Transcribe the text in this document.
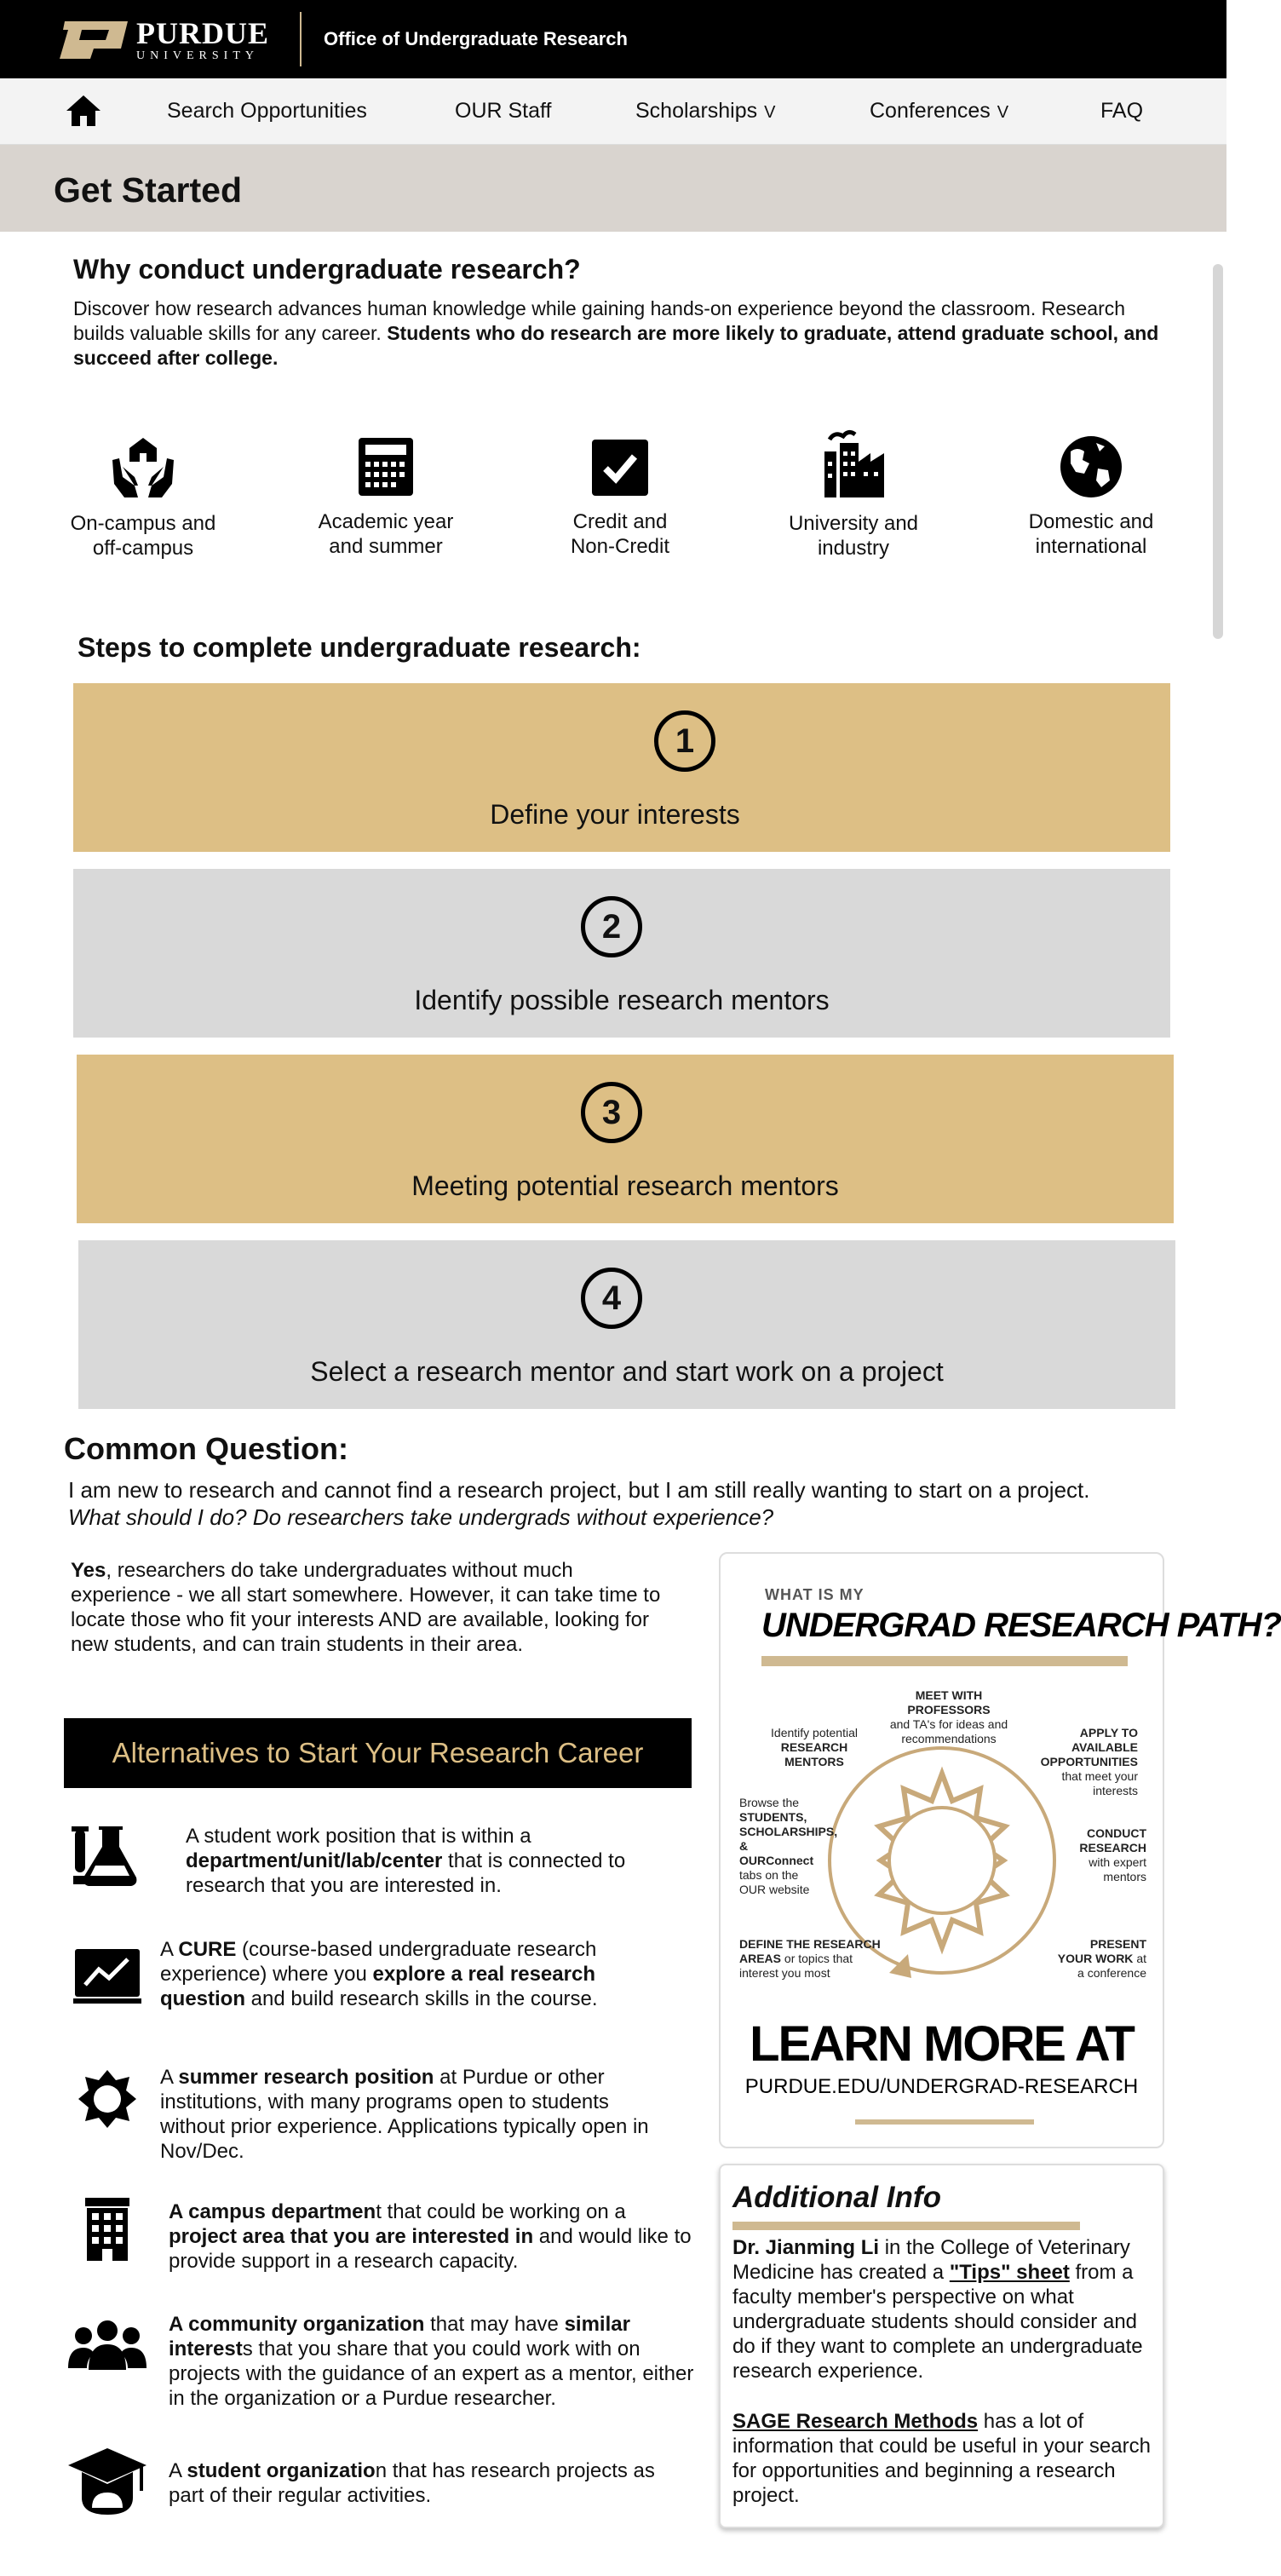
PURDUE
UNIVERSITY
Office of Undergraduate Research
Search Opportunities	OUR Staff	Scholarships V	Conferences V	FAQ
Get Started
Why conduct undergraduate research?
Discover how research advances human knowledge while gaining hands-on experience beyond the classroom. Research builds valuable skills for any career. Students who do research are more likely to graduate, attend graduate school, and succeed after college.
On-campus and
off-campus
Academic year
and summer
Credit and
Non-Credit
University and
industry
Domestic and
international
Steps to complete undergraduate research:
1
Define your interests
2
Identify possible research mentors
3
Meeting potential research mentors
4
Select a research mentor and start work on a project
Common Question:
I am new to research and cannot find a research project, but I am still really wanting to start on a project.
What should I do? Do researchers take undergrads without experience?
Yes, researchers do take undergraduates without much experience - we all start somewhere. However, it can take time to locate those who fit your interests AND are available, looking for new students, and can train students in their area.
Alternatives to Start Your Research Career
A student work position that is within a department/unit/lab/center that is connected to research that you are interested in.
A CURE (course-based undergraduate research experience) where you explore a real research question and build research skills in the course.
A summer research position at Purdue or other institutions, with many programs open to students without prior experience. Applications typically open in Nov/Dec.
A campus department that could be working on a project area that you are interested in and would like to provide support in a research capacity.
A community organization that may have similar interests that you share that you could work with on projects with the guidance of an expert as a mentor, either in the organization or a Purdue researcher.
A student organization that has research projects as part of their regular activities.
WHAT IS MY
UNDERGRAD RESEARCH PATH?
MEET WITH PROFESSORS
and TA's for ideas and recommendations
Identify potential
RESEARCH MENTORS
APPLY TO AVAILABLE OPPORTUNITIES that meet your interests
Browse the
STUDENTS, SCHOLARSHIPS, & OURConnect
tabs on the OUR website
CONDUCT RESEARCH
with expert mentors
DEFINE THE RESEARCH AREAS or topics that interest you most
PRESENT YOUR WORK at a conference
LEARN MORE AT
PURDUE.EDU/UNDERGRAD-RESEARCH
Additional Info
Dr. Jianming Li in the College of Veterinary Medicine has created a "Tips" sheet from a faculty member's perspective on what undergraduate students should consider and do if they want to complete an undergraduate research experience.
SAGE Research Methods has a lot of information that could be useful in your search for opportunities and beginning a research project.
